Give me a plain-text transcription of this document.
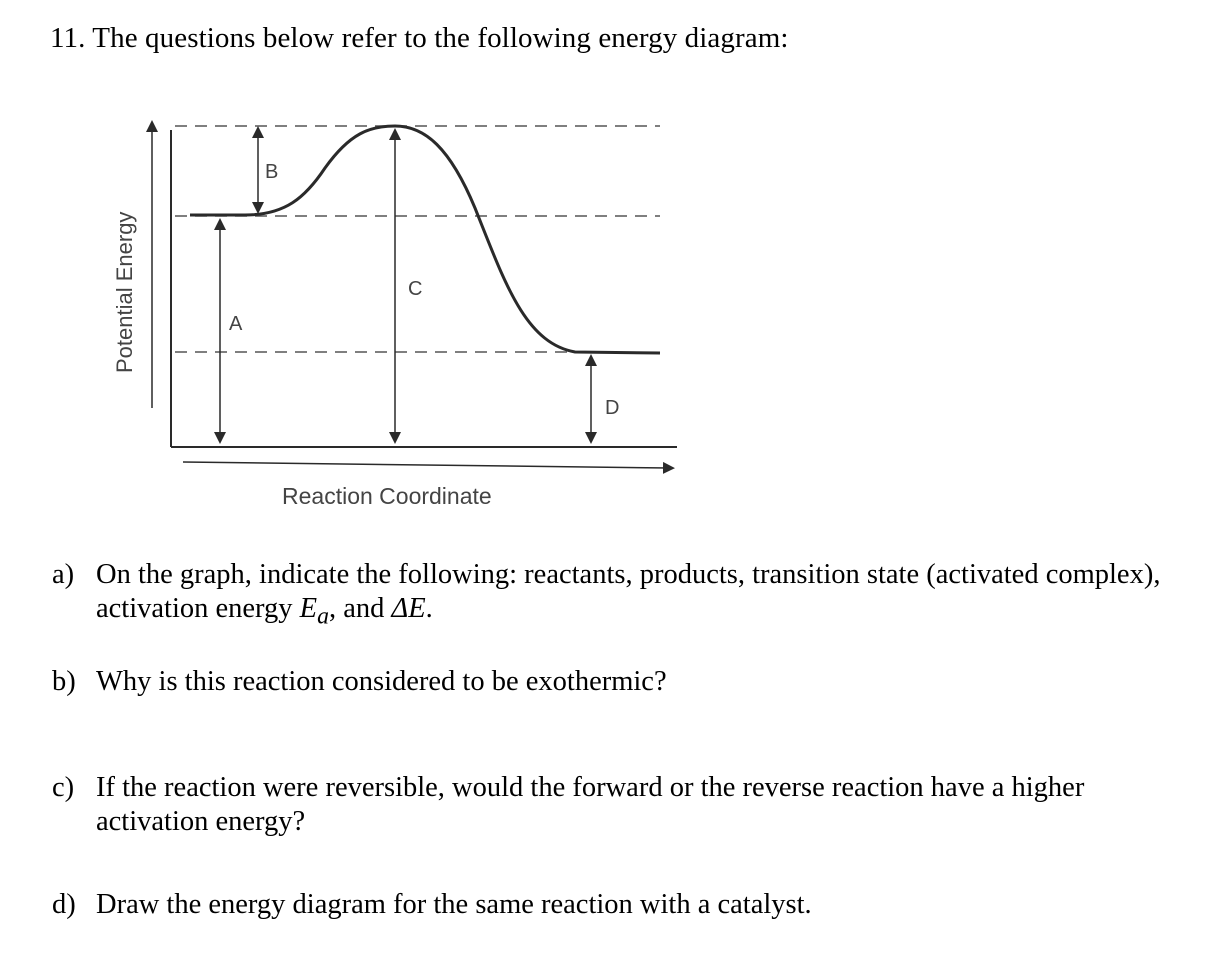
11. The questions below refer to the following energy diagram:
A
B
C
D
Potential Energy
Reaction Coordinate
a) On the graph, indicate the following: reactants, products, transition state (activated complex), activation energy $E_a$, and ΔE.
b) Why is this reaction considered to be exothermic?
c) If the reaction were reversible, would the forward or the reverse reaction have a higher activation energy?
d) Draw the energy diagram for the same reaction with a catalyst.
